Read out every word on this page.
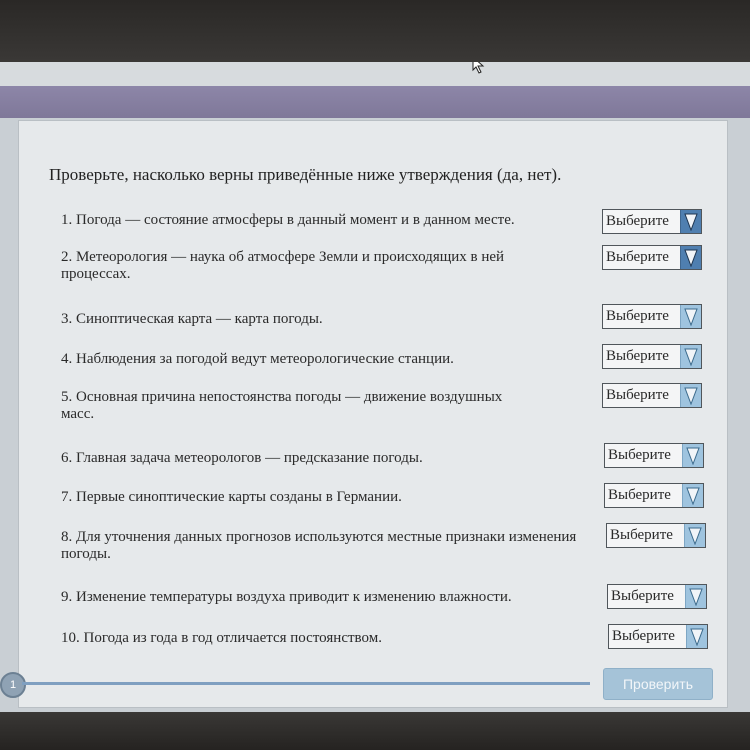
Проверьте, насколько верны приведённые ниже утверждения (да, нет).
1. Погода — состояние атмосферы в данный момент и в данном месте.	Выберите
2. Метеорология — наука об атмосфере Земли и происходящих в ней процессах.
Выберите
3. Синоптическая карта — карта погоды.	Выберите
4. Наблюдения за погодой ведут метеорологические станции.	Выберите
5. Основная причина непостоянства погоды — движение воздушных масс.
Выберите
6. Главная задача метеорологов — предсказание погоды.	Выберите
7. Первые синоптические карты созданы в Германии.	Выберите
8. Для уточнения данных прогнозов используются местные признаки изменения погоды.
Выберите
9. Изменение температуры воздуха приводит к изменению влажности.	Выберите
10. Погода из года в год отличается постоянством.	Выберите
1	Проверить
